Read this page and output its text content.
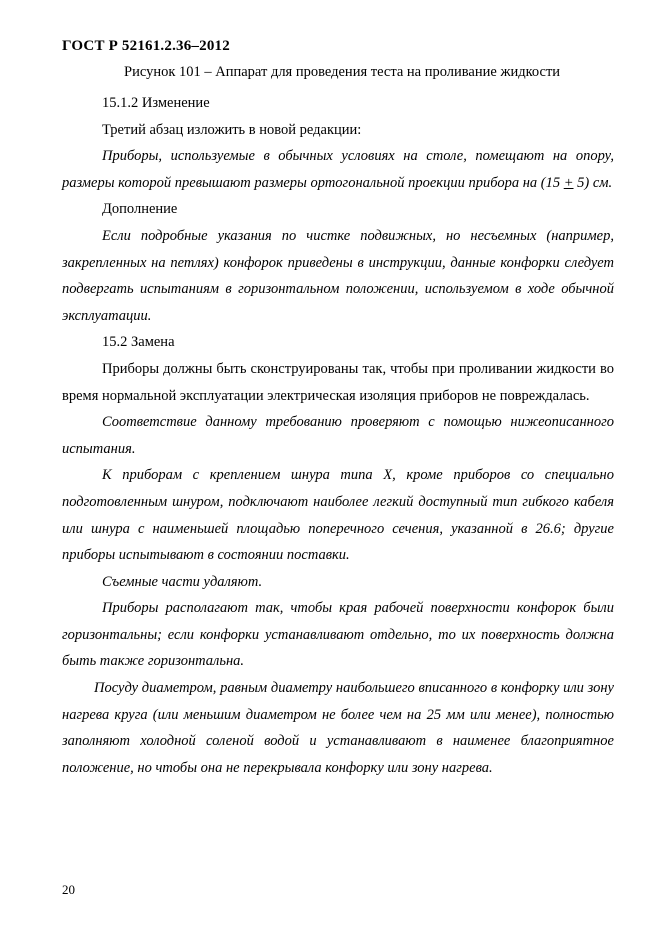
ГОСТ Р 52161.2.36–2012
Рисунок 101 – Аппарат для проведения теста на проливание жидкости

15.1.2 Изменение

Третий абзац изложить в новой редакции:

Приборы, используемые в обычных условиях на столе, помещают на опору, размеры которой превышают размеры ортогональной проекции прибора на (15 + 5) см.

Дополнение

Если подробные указания по чистке подвижных, но несъемных (например, закрепленных на петлях) конфорок приведены в инструкции, данные конфорки следует подвергать испытаниям в горизонтальном положении, используемом в ходе обычной эксплуатации.

15.2 Замена

Приборы должны быть сконструированы так, чтобы при проливании жидкости во время нормальной эксплуатации электрическая изоляция приборов не повреждалась.

Соответствие данному требованию проверяют с помощью нижеописанного испытания.

К приборам с креплением шнура типа X, кроме приборов со специально подготовленным шнуром, подключают наиболее легкий доступный тип гибкого кабеля или шнура с наименьшей площадью поперечного сечения, указанной в 26.6; другие приборы испытывают в состоянии поставки.

Съемные части удаляют.

Приборы располагают так, чтобы края рабочей поверхности конфорок были горизонтальны; если конфорки устанавливают отдельно, то их поверхность должна быть также горизонтальна.

Посуду диаметром, равным диаметру наибольшего вписанного в конфорку или зону нагрева круга (или меньшим диаметром не более чем на 25 мм или менее), полностью заполняют холодной соленой водой и устанавливают в наименее благоприятное положение, но чтобы она не перекрывала конфорку или зону нагрева.

20
